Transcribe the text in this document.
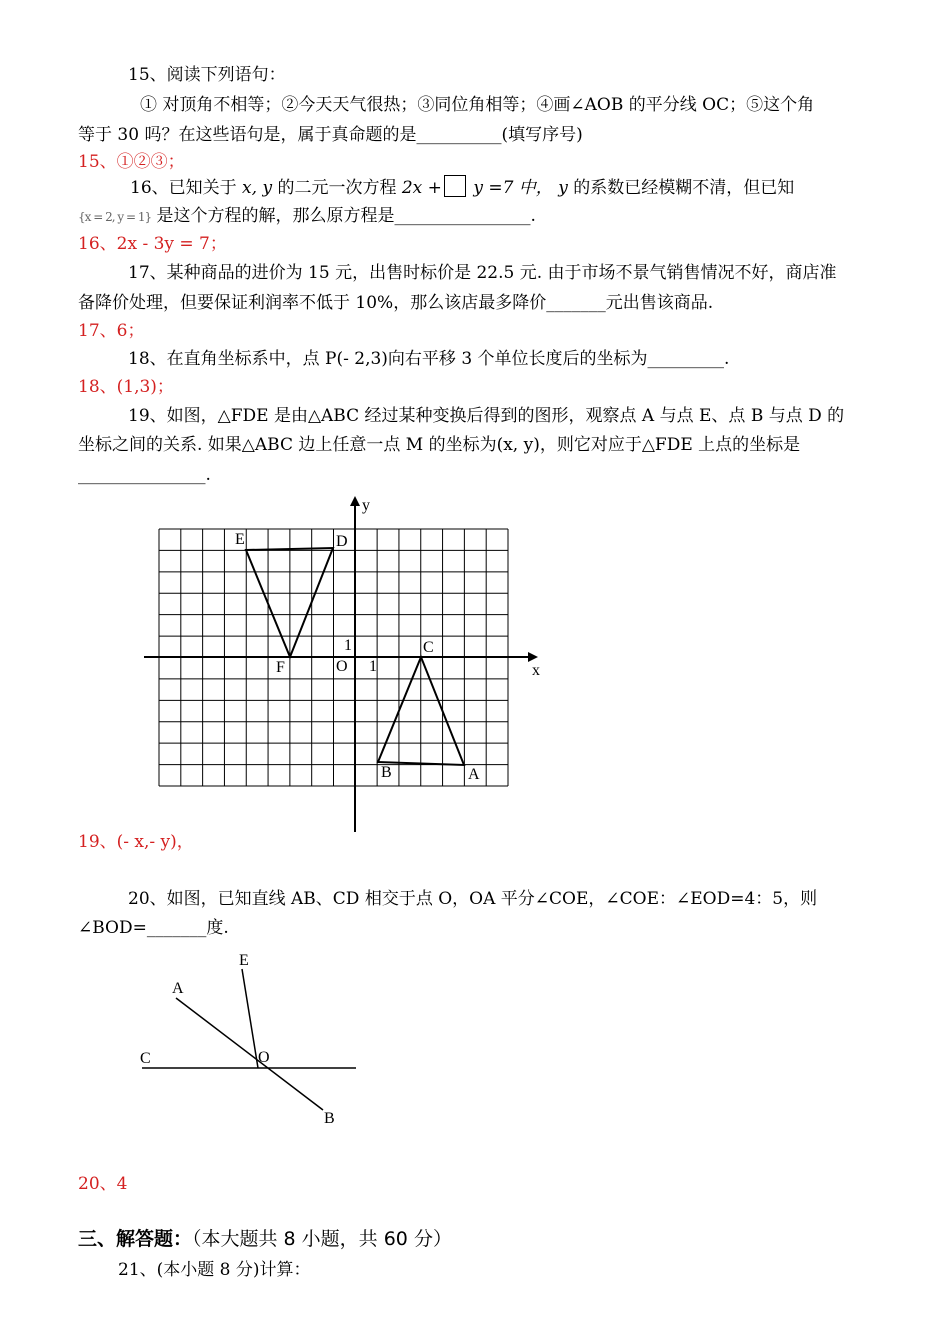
15、阅读下列语句：
① 对顶角不相等；②今天天气很热；③同位角相等；④画∠AOB 的平分线 OC；⑤这个角
等于 30 吗？在这些语句是，属于真命题的是__________(填写序号)
15、①②③；
16、已知关于 x, y 的二元一次方程 2x + y =7 中， y 的系数已经模糊不清，但已知
{x = 2, y = 1} 是这个方程的解，那么原方程是________________.
16、2x - 3y = 7；
17、某种商品的进价为 15 元，出售时标价是 22.5 元. 由于市场不景气销售情况不好，商店准
备降价处理，但要保证利润率不低于 10%，那么该店最多降价_______元出售该商品.
17、6；
18、在直角坐标系中，点 P(- 2,3)向右平移 3 个单位长度后的坐标为_________.
18、(1,3)；
19、如图，△FDE 是由△ABC 经过某种变换后得到的图形，观察点 A 与点 E、点 B 与点 D 的
坐标之间的关系. 如果△ABC 边上任意一点 M 的坐标为(x, y)，则它对应于△FDE 上点的坐标是
_______________.
y
x
O 1
1
E	D
F
C
B	A
19、(- x,- y)，
20、如图，已知直线 AB、CD 相交于点 O，OA 平分∠COE，∠COE：∠EOD=4：5，则
∠BOD=_______度.
E
A
C	O
B
20、4
三、解答题：（本大题共 8 小题，共 60 分）
21、(本小题 8 分)计算：
